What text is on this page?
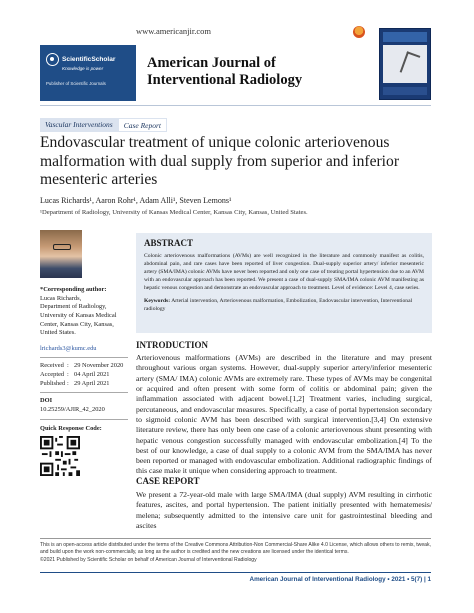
www.americanjir.com
ScientificScholar
Knowledge is power
Publisher of Scientific Journals
American Journal of Interventional Radiology
Vascular Interventions	Case Report
Endovascular treatment of unique colonic arteriovenous malformation with dual supply from superior and inferior mesenteric arteries
Lucas Richards¹, Aaron Rohr¹, Adam Alli¹, Steven Lemons¹
¹Department of Radiology, University of Kansas Medical Center, Kansas City, Kansas, United States.
*Corresponding author:
Lucas Richards,
Department of Radiology,
University of Kansas Medical
Center, Kansas City, Kansas,
United States.
lrichards3@kumc.edu
Received : 29 November 2020
Accepted : 04 April 2021
Published : 29 April 2021
DOI
10.25259/AJIR_42_2020
Quick Response Code:
ABSTRACT
Colonic arteriovenous malformations (AVMs) are well recognized in the literature and commonly manifest as colitis, abdominal pain, and rare cases have been reported of liver congestion. Dual-supply superior artery/ inferior mesenteric artery (SMA/IMA) colonic AVMs have never been reported and only one case of treating portal hypertension due to an AVM with an endovascular approach has been reported. We present a case of dual-supply SMA/IMA colonic AVM manifesting as hepatic venous congestion and demonstrate an endovascular approach to treatment. Level of evidence: Level 4, case series.
Keywords: Arterial intervention, Arteriovenous malformation, Embolization, Endovascular intervention, Interventional radiology
INTRODUCTION
Arteriovenous malformations (AVMs) are described in the literature and may present throughout various organ systems. However, dual-supply superior artery/inferior mesenteric artery (SMA/ IMA) colonic AVMs are extremely rare. These types of AVMs may be congenital or acquired and often present with some form of colitis or abdominal pain; given the inflammation associated with adjacent bowel.[1,2] Treatment varies, including surgical, percutaneous, and endovascular measures. Specifically, a case of portal hypertension secondary to sigmoid colonic AVM has been described with surgical intervention.[3,4] On extensive literature review, there has only been one case of a colonic arteriovenous shunt presenting with hepatic venous congestion successfully managed with endovascular embolization.[4] To the best of our knowledge, a case of dual supply to a colonic AVM from the SMA/IMA has never been reported or managed with endovascular embolization. Additional radiographic findings of this case make it unique when considering approach to treatment.
CASE REPORT
We present a 72-year-old male with large SMA/IMA (dual supply) AVM resulting in cirrhotic features, ascites, and portal hypertension. The patient initially presented with hematemesis/ melena; subsequently admitted to the intensive care unit for gastrointestinal bleeding and ascites
This is an open-access article distributed under the terms of the Creative Commons Attribution-Non Commercial-Share Alike 4.0 License, which allows others to remix, tweak, and build upon the work non-commercially, as long as the author is credited and the new creations are licensed under the identical terms.
©2021 Published by Scientific Scholar on behalf of American Journal of Interventional Radiology
American Journal of Interventional Radiology • 2021 • 5(7) | 1
